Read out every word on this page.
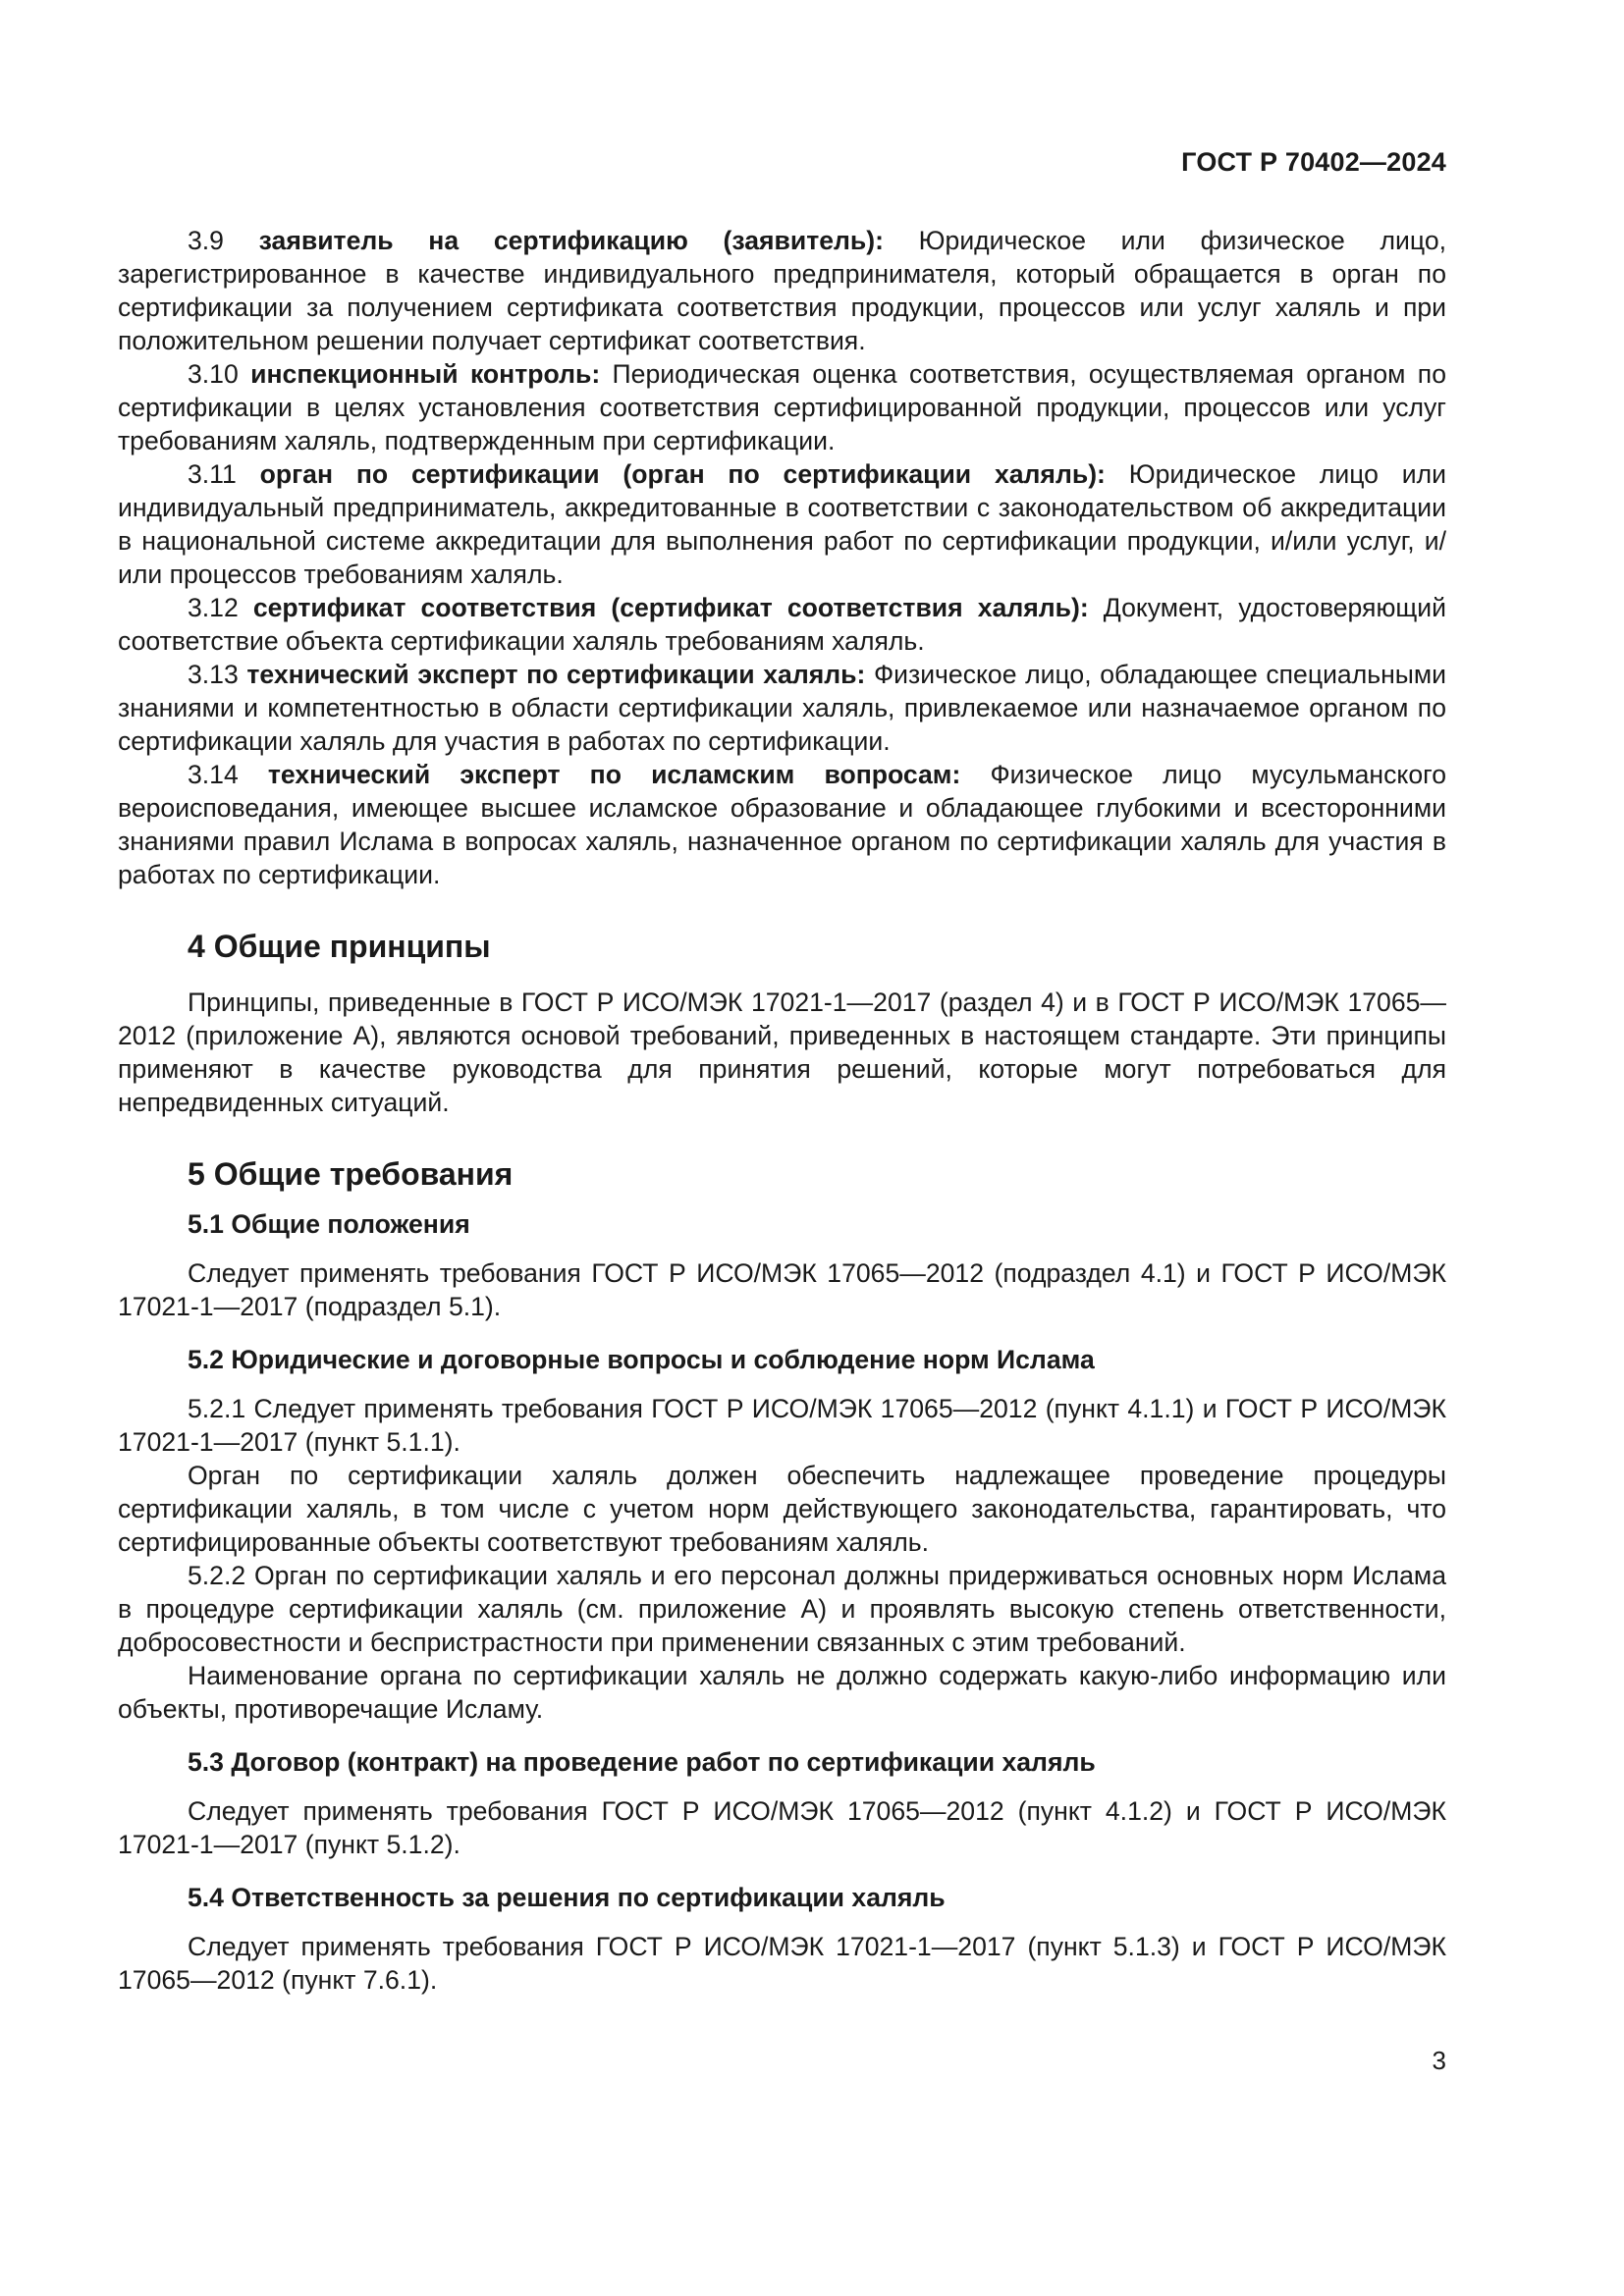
ГОСТ Р 70402—2024

3.9 заявитель на сертификацию (заявитель): Юридическое или физическое лицо, зарегистрированное в качестве индивидуального предпринимателя, который обращается в орган по сертификации за получением сертификата соответствия продукции, процессов или услуг халяль и при положительном решении получает сертификат соответствия.

3.10 инспекционный контроль: Периодическая оценка соответствия, осуществляемая органом по сертификации в целях установления соответствия сертифицированной продукции, процессов или услуг требованиям халяль, подтвержденным при сертификации.

3.11 орган по сертификации (орган по сертификации халяль): Юридическое лицо или индивидуальный предприниматель, аккредитованные в соответствии с законодательством об аккредитации в национальной системе аккредитации для выполнения работ по сертификации продукции, и/или услуг, и/или процессов требованиям халяль.

3.12 сертификат соответствия (сертификат соответствия халяль): Документ, удостоверяющий соответствие объекта сертификации халяль требованиям халяль.

3.13 технический эксперт по сертификации халяль: Физическое лицо, обладающее специальными знаниями и компетентностью в области сертификации халяль, привлекаемое или назначаемое органом по сертификации халяль для участия в работах по сертификации.

3.14 технический эксперт по исламским вопросам: Физическое лицо мусульманского вероисповедания, имеющее высшее исламское образование и обладающее глубокими и всесторонними знаниями правил Ислама в вопросах халяль, назначенное органом по сертификации халяль для участия в работах по сертификации.

4 Общие принципы

Принципы, приведенные в ГОСТ Р ИСО/МЭК 17021-1—2017 (раздел 4) и в ГОСТ Р ИСО/МЭК 17065—2012 (приложение А), являются основой требований, приведенных в настоящем стандарте. Эти принципы применяют в качестве руководства для принятия решений, которые могут потребоваться для непредвиденных ситуаций.

5 Общие требования
5.1 Общие положения

Следует применять требования ГОСТ Р ИСО/МЭК 17065—2012 (подраздел 4.1) и ГОСТ Р ИСО/МЭК 17021-1—2017 (подраздел 5.1).

5.2 Юридические и договорные вопросы и соблюдение норм Ислама

5.2.1 Следует применять требования ГОСТ Р ИСО/МЭК 17065—2012 (пункт 4.1.1) и ГОСТ Р ИСО/МЭК 17021-1—2017 (пункт 5.1.1).

Орган по сертификации халяль должен обеспечить надлежащее проведение процедуры сертификации халяль, в том числе с учетом норм действующего законодательства, гарантировать, что сертифицированные объекты соответствуют требованиям халяль.

5.2.2 Орган по сертификации халяль и его персонал должны придерживаться основных норм Ислама в процедуре сертификации халяль (см. приложение А) и проявлять высокую степень ответственности, добросовестности и беспристрастности при применении связанных с этим требований.

Наименование органа по сертификации халяль не должно содержать какую-либо информацию или объекты, противоречащие Исламу.

5.3 Договор (контракт) на проведение работ по сертификации халяль

Следует применять требования ГОСТ Р ИСО/МЭК 17065—2012 (пункт 4.1.2) и ГОСТ Р ИСО/МЭК 17021-1—2017 (пункт 5.1.2).

5.4 Ответственность за решения по сертификации халяль

Следует применять требования ГОСТ Р ИСО/МЭК 17021-1—2017 (пункт 5.1.3) и ГОСТ Р ИСО/МЭК 17065—2012 (пункт 7.6.1).

3
